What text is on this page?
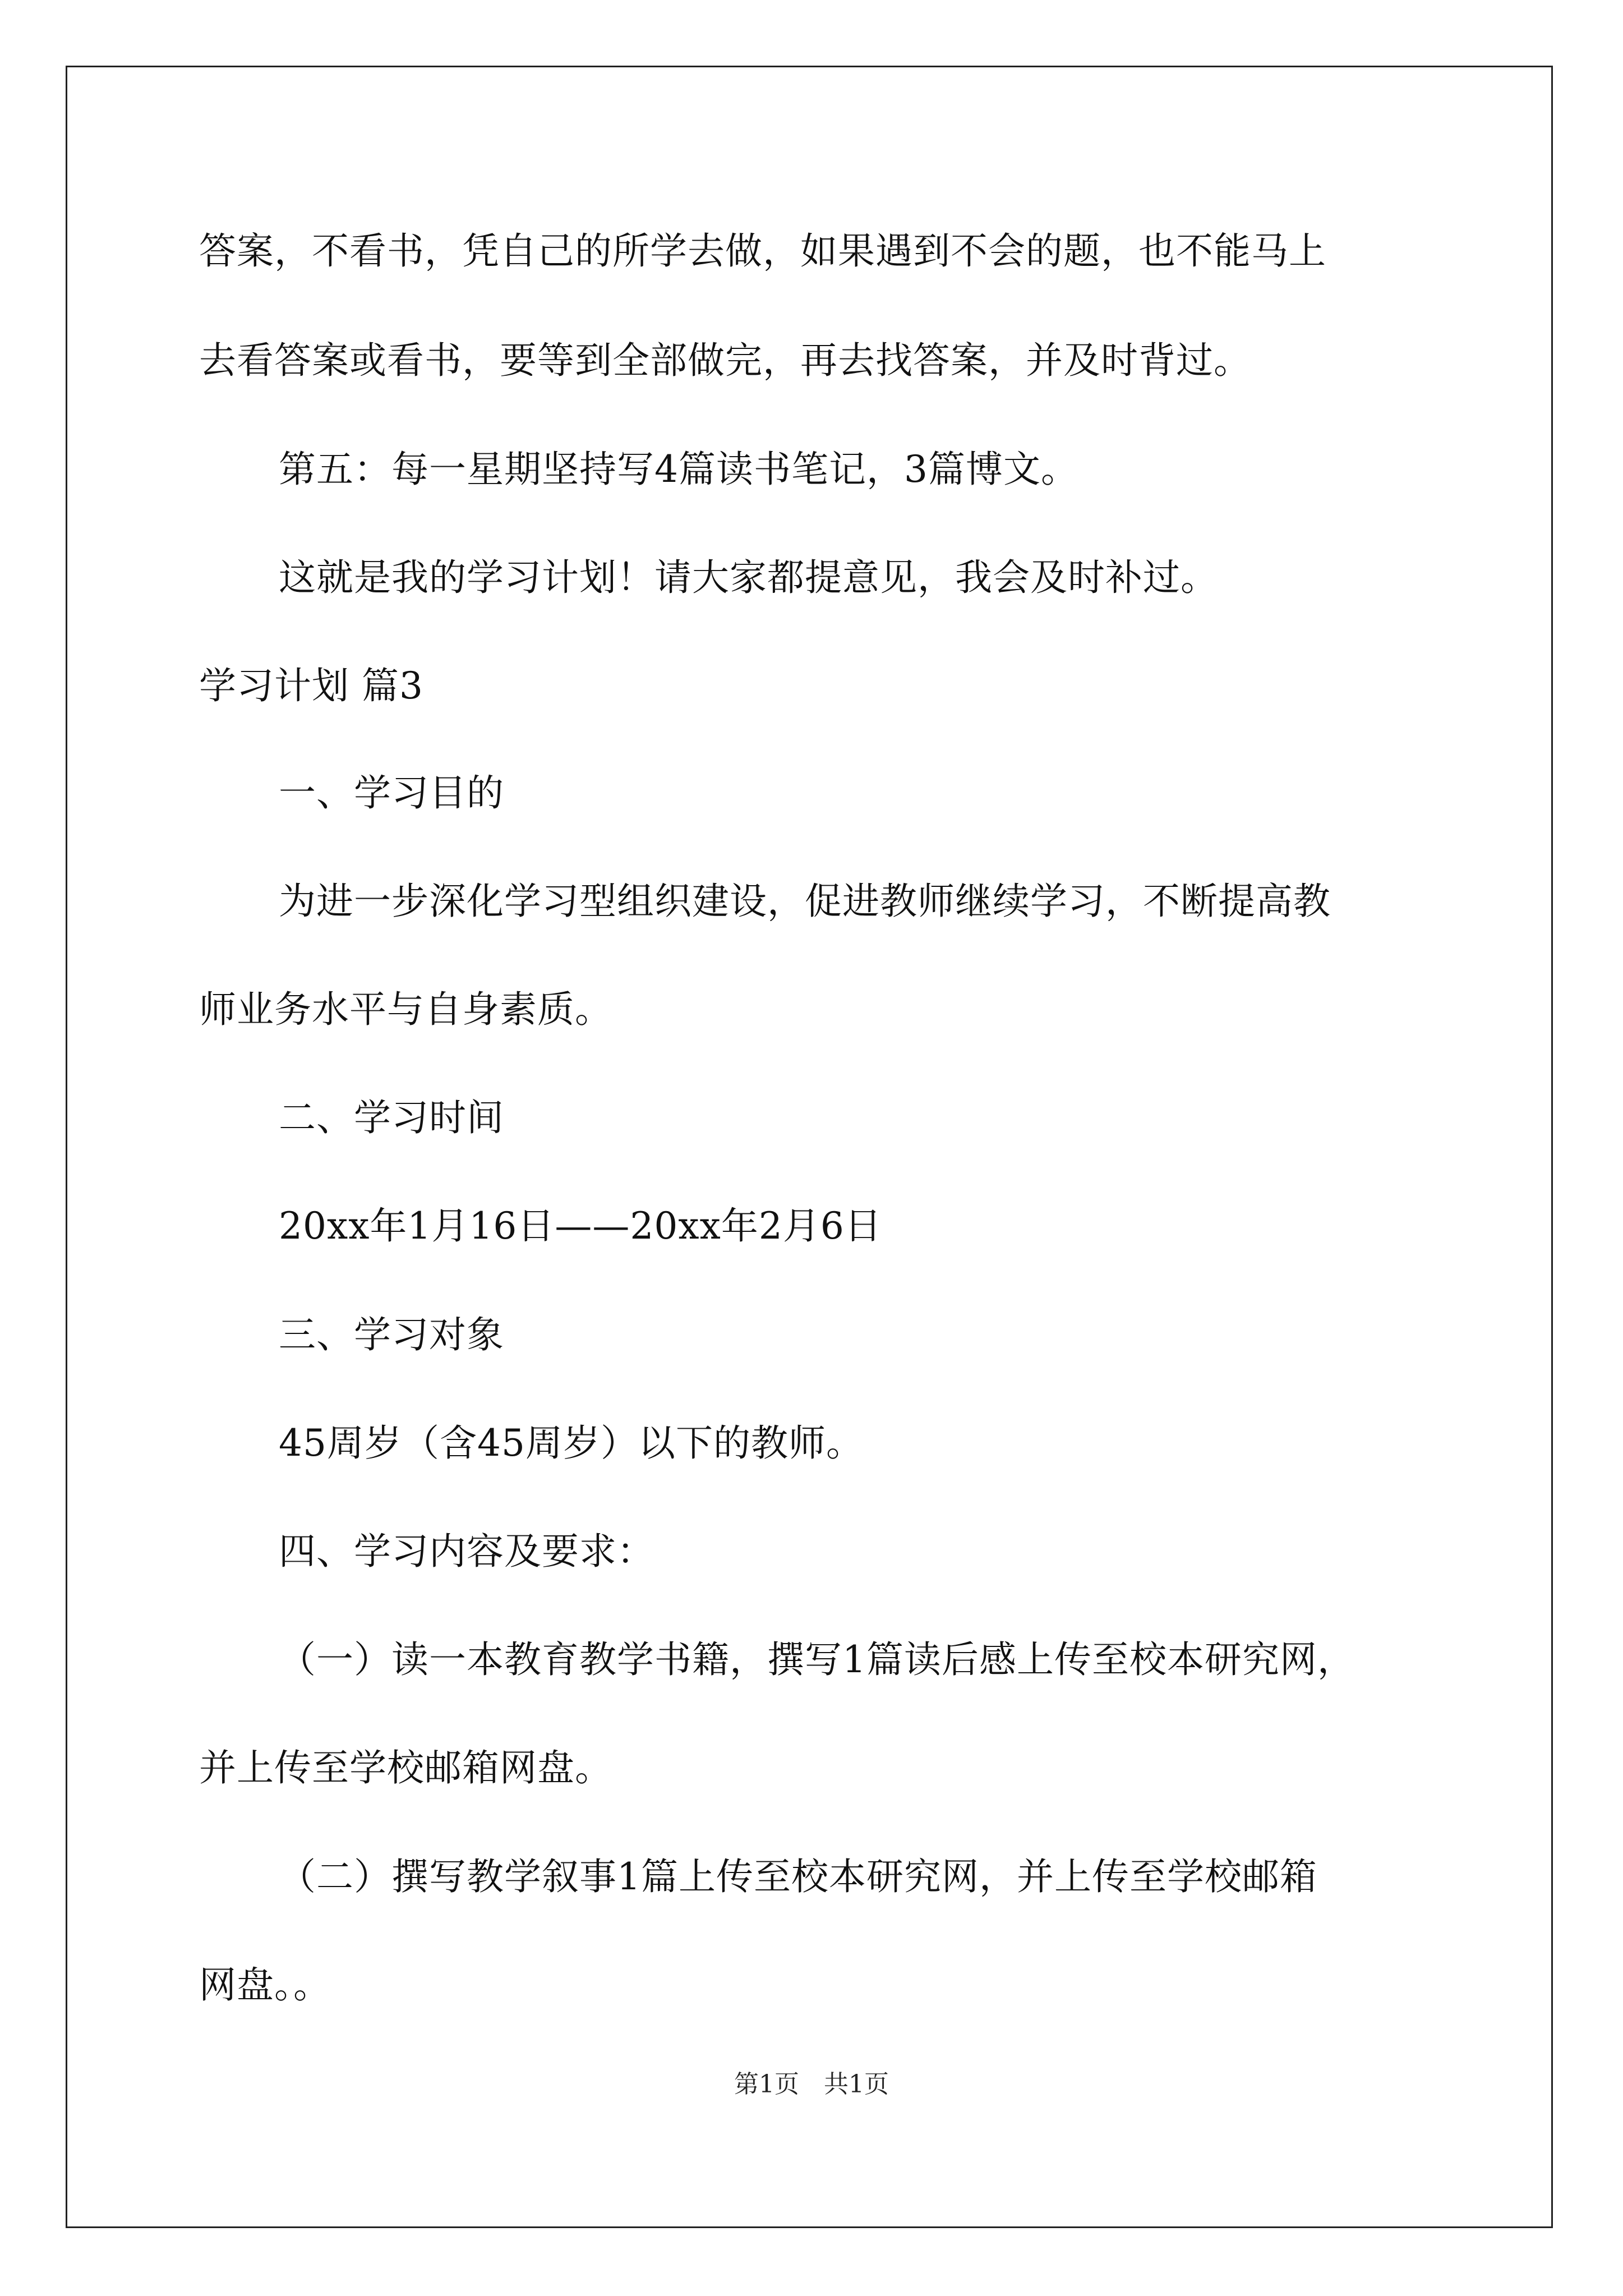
答案，不看书，凭自己的所学去做，如果遇到不会的题，也不能马上
去看答案或看书，要等到全部做完，再去找答案，并及时背过。
第五：每一星期坚持写4篇读书笔记，3篇博文。
这就是我的学习计划！请大家都提意见，我会及时补过。
学习计划 篇3
一、学习目的
为进一步深化学习型组织建设，促进教师继续学习，不断提高教
师业务水平与自身素质。
二、学习时间
20xx年1月16日——20xx年2月6日
三、学习对象
45周岁（含45周岁）以下的教师。
四、学习内容及要求：
（一）读一本教育教学书籍，撰写1篇读后感上传至校本研究网，
并上传至学校邮箱网盘。
（二）撰写教学叙事1篇上传至校本研究网，并上传至学校邮箱
网盘。。
第1页　共1页
